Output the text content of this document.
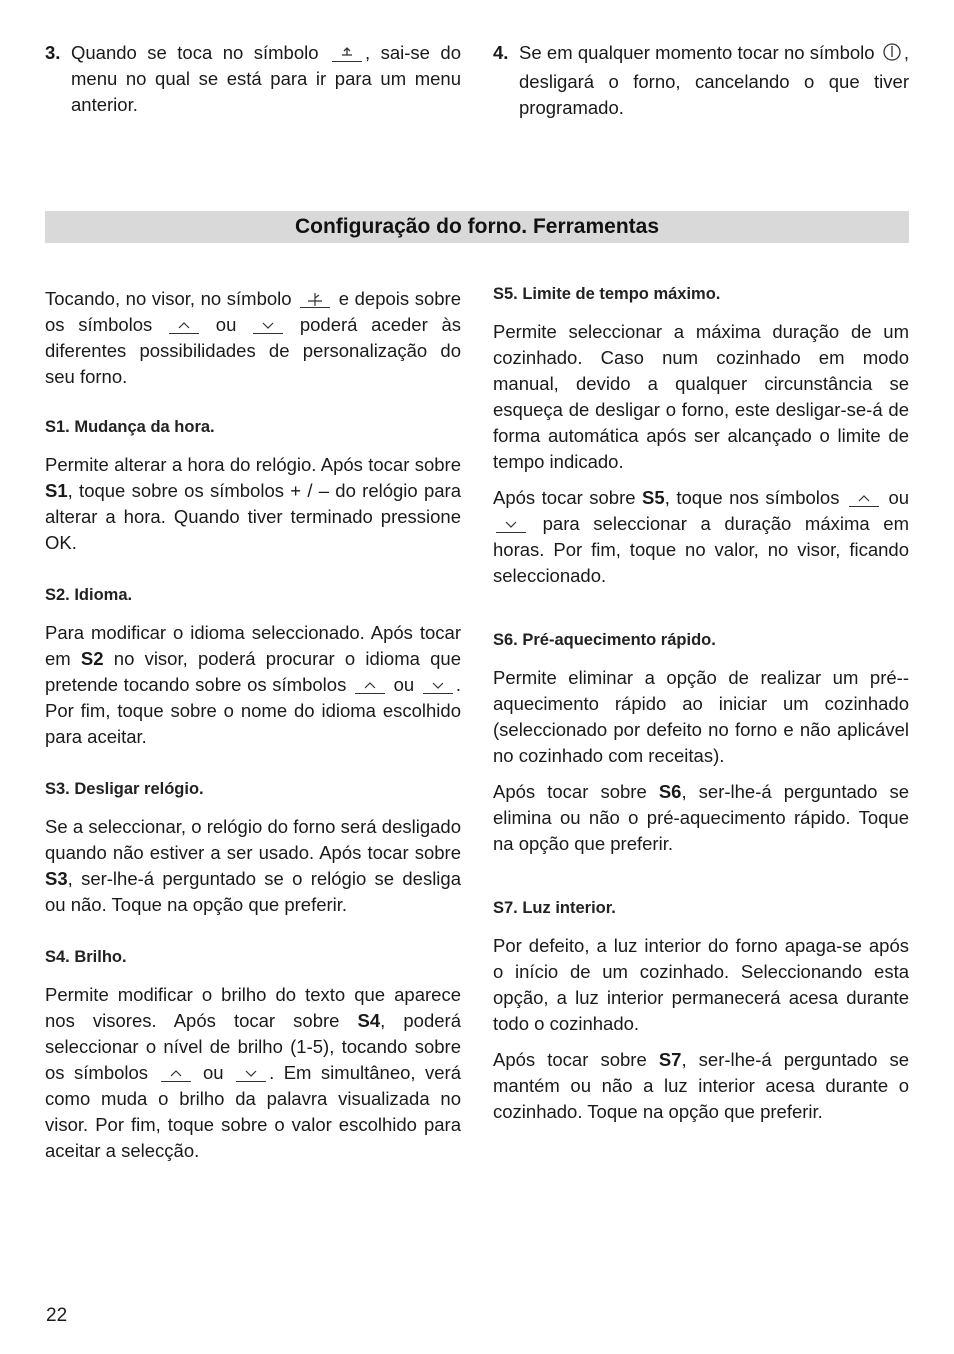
3. Quando se toca no símbolo	, sai-se do menu no qual se está para ir para um menu anterior.

4. Se em qualquer momento tocar no símbolo , desligará o forno, cancelando o que tiver programado.

Configuração do forno. Ferramentas

Tocando, no visor, no símbolo	e depois sobre os símbolos	ou	poderá aceder às diferentes possibilidades de personalização do seu forno.

S1. Mudança da hora.

Permite alterar a hora do relógio. Após tocar sobre S1, toque sobre os símbolos + / – do relógio para alterar a hora. Quando tiver terminado pressione OK.

S2. Idioma.

Para modificar o idioma seleccionado. Após tocar em S2 no visor, poderá procurar o idioma que pretende tocando sobre os símbolos	ou . Por fim, toque sobre o nome do idioma escolhido para aceitar.

S3. Desligar relógio.

Se a seleccionar, o relógio do forno será desligado quando não estiver a ser usado. Após tocar sobre S3, ser-lhe-á perguntado se o relógio se desliga ou não. Toque na opção que preferir.

S4. Brilho.

Permite modificar o brilho do texto que aparece nos visores. Após tocar sobre S4, poderá seleccionar o nível de brilho (1-5), tocando sobre os símbolos	ou . Em simultâneo, verá como muda o brilho da palavra visualizada no visor. Por fim, toque sobre o valor escolhido para aceitar a selecção.

S5. Limite de tempo máximo.

Permite seleccionar a máxima duração de um cozinhado. Caso num cozinhado em modo manual, devido a qualquer circunstância se esqueça de desligar o forno, este desligar-se-á de forma automática após ser alcançado o limite de tempo indicado.

Após tocar sobre S5, toque nos símbolos	ou
para seleccionar a duração máxima em horas. Por fim, toque no valor, no visor, ficando seleccionado.

S6. Pré-aquecimento rápido.

Permite eliminar a opção de realizar um pré--aquecimento rápido ao iniciar um cozinhado (seleccionado por defeito no forno e não aplicável no cozinhado com receitas).

Após tocar sobre S6, ser-lhe-á perguntado se elimina ou não o pré-aquecimento rápido. Toque na opção que preferir.

S7. Luz interior.

Por defeito, a luz interior do forno apaga-se após o início de um cozinhado. Seleccionando esta opção, a luz interior permanecerá acesa durante todo o cozinhado.

Após tocar sobre S7, ser-lhe-á perguntado se mantém ou não a luz interior acesa durante o cozinhado. Toque na opção que preferir.

22
